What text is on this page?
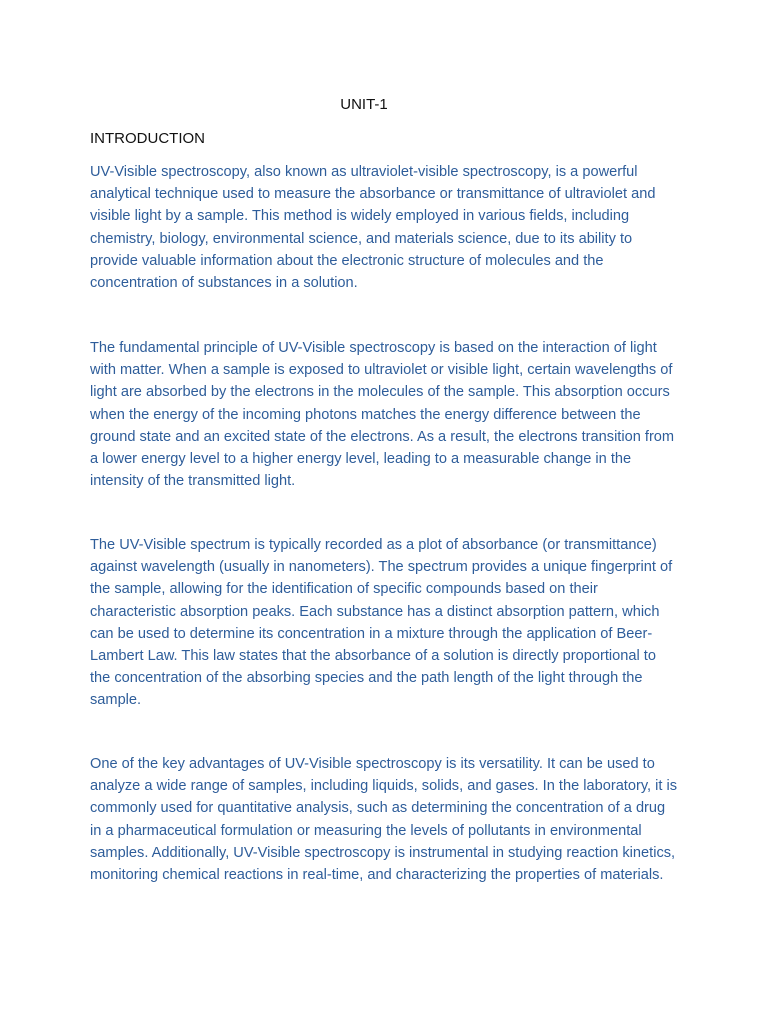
UNIT-1
INTRODUCTION

UV-Visible spectroscopy, also known as ultraviolet-visible spectroscopy, is a powerful analytical technique used to measure the absorbance or transmittance of ultraviolet and visible light by a sample. This method is widely employed in various fields, including chemistry, biology, environmental science, and materials science, due to its ability to provide valuable information about the electronic structure of molecules and the concentration of substances in a solution.

The fundamental principle of UV-Visible spectroscopy is based on the interaction of light with matter. When a sample is exposed to ultraviolet or visible light, certain wavelengths of light are absorbed by the electrons in the molecules of the sample. This absorption occurs when the energy of the incoming photons matches the energy difference between the ground state and an excited state of the electrons. As a result, the electrons transition from a lower energy level to a higher energy level, leading to a measurable change in the intensity of the transmitted light.

The UV-Visible spectrum is typically recorded as a plot of absorbance (or transmittance) against wavelength (usually in nanometers). The spectrum provides a unique fingerprint of the sample, allowing for the identification of specific compounds based on their characteristic absorption peaks. Each substance has a distinct absorption pattern, which can be used to determine its concentration in a mixture through the application of Beer-Lambert Law. This law states that the absorbance of a solution is directly proportional to the concentration of the absorbing species and the path length of the light through the sample.

One of the key advantages of UV-Visible spectroscopy is its versatility. It can be used to analyze a wide range of samples, including liquids, solids, and gases. In the laboratory, it is commonly used for quantitative analysis, such as determining the concentration of a drug in a pharmaceutical formulation or measuring the levels of pollutants in environmental samples. Additionally, UV-Visible spectroscopy is instrumental in studying reaction kinetics, monitoring chemical reactions in real-time, and characterizing the properties of materials.
